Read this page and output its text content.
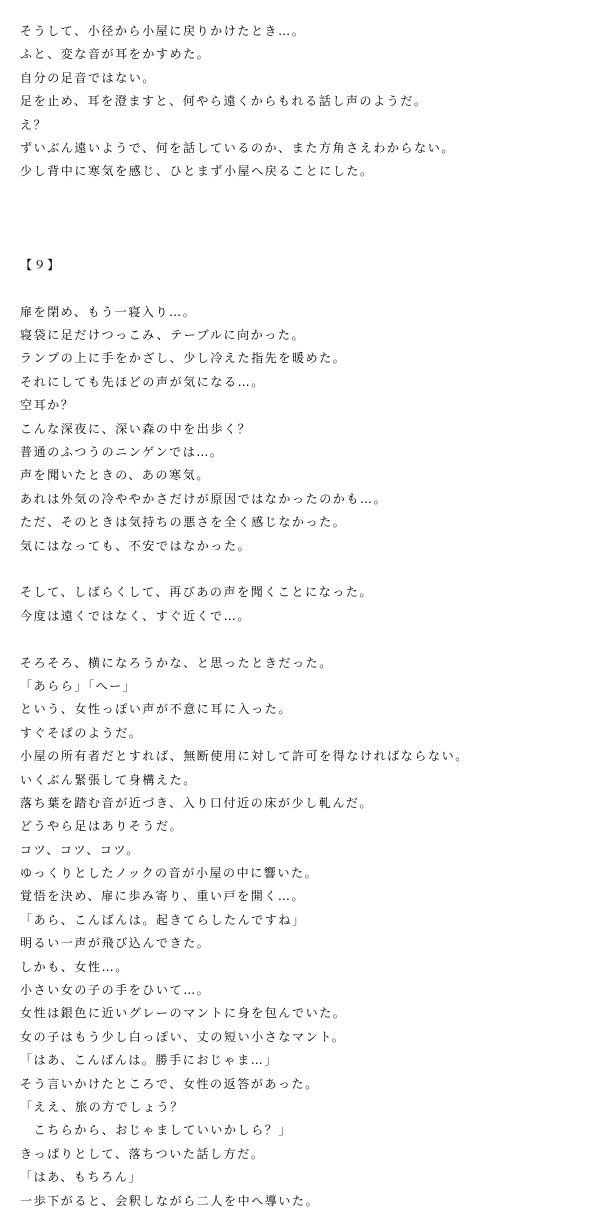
そうして、小径から小屋に戻りかけたとき…。
ふと、変な音が耳をかすめた。
自分の足音ではない。
足を止め、耳を澄ますと、何やら遠くからもれる話し声のようだ。
え？
ずいぶん遠いようで、何を話しているのか、また方角さえわからない。
少し背中に寒気を感じ、ひとまず小屋へ戻ることにした。
【９】
扉を閉め、もう一寝入り…。
寝袋に足だけつっこみ、テーブルに向かった。
ランプの上に手をかざし、少し冷えた指先を暖めた。
それにしても先ほどの声が気になる…。
空耳か？
こんな深夜に、深い森の中を出歩く？
普通のふつうのニンゲンでは…。
声を聞いたときの、あの寒気。
あれは外気の冷ややかさだけが原因ではなかったのかも…。
ただ、そのときは気持ちの悪さを全く感じなかった。
気にはなっても、不安ではなかった。
そして、しばらくして、再びあの声を聞くことになった。
今度は遠くではなく、すぐ近くで…。
そろそろ、横になろうかな、と思ったときだった。
「あらら」「へー」
という、女性っぽい声が不意に耳に入った。
すぐそばのようだ。
小屋の所有者だとすれば、無断使用に対して許可を得なければならない。
いくぶん緊張して身構えた。
落ち葉を踏む音が近づき、入り口付近の床が少し軋んだ。
どうやら足はありそうだ。
コツ、コツ、コツ。
ゆっくりとしたノックの音が小屋の中に響いた。
覚悟を決め、扉に歩み寄り、重い戸を開く…。
「あら、こんばんは。起きてらしたんですね」
明るい一声が飛び込んできた。
しかも、女性…。
小さい女の子の手をひいて…。
女性は銀色に近いグレーのマントに身を包んでいた。
女の子はもう少し白っぽい、丈の短い小さなマント。
「はあ、こんばんは。勝手におじゃま…」
そう言いかけたところで、女性の返答があった。
「ええ、旅の方でしょう？
　こちらから、おじゃましていいかしら？」
きっぱりとして、落ちついた話し方だ。
「はあ、もちろん」
一歩下がると、会釈しながら二人を中へ導いた。
